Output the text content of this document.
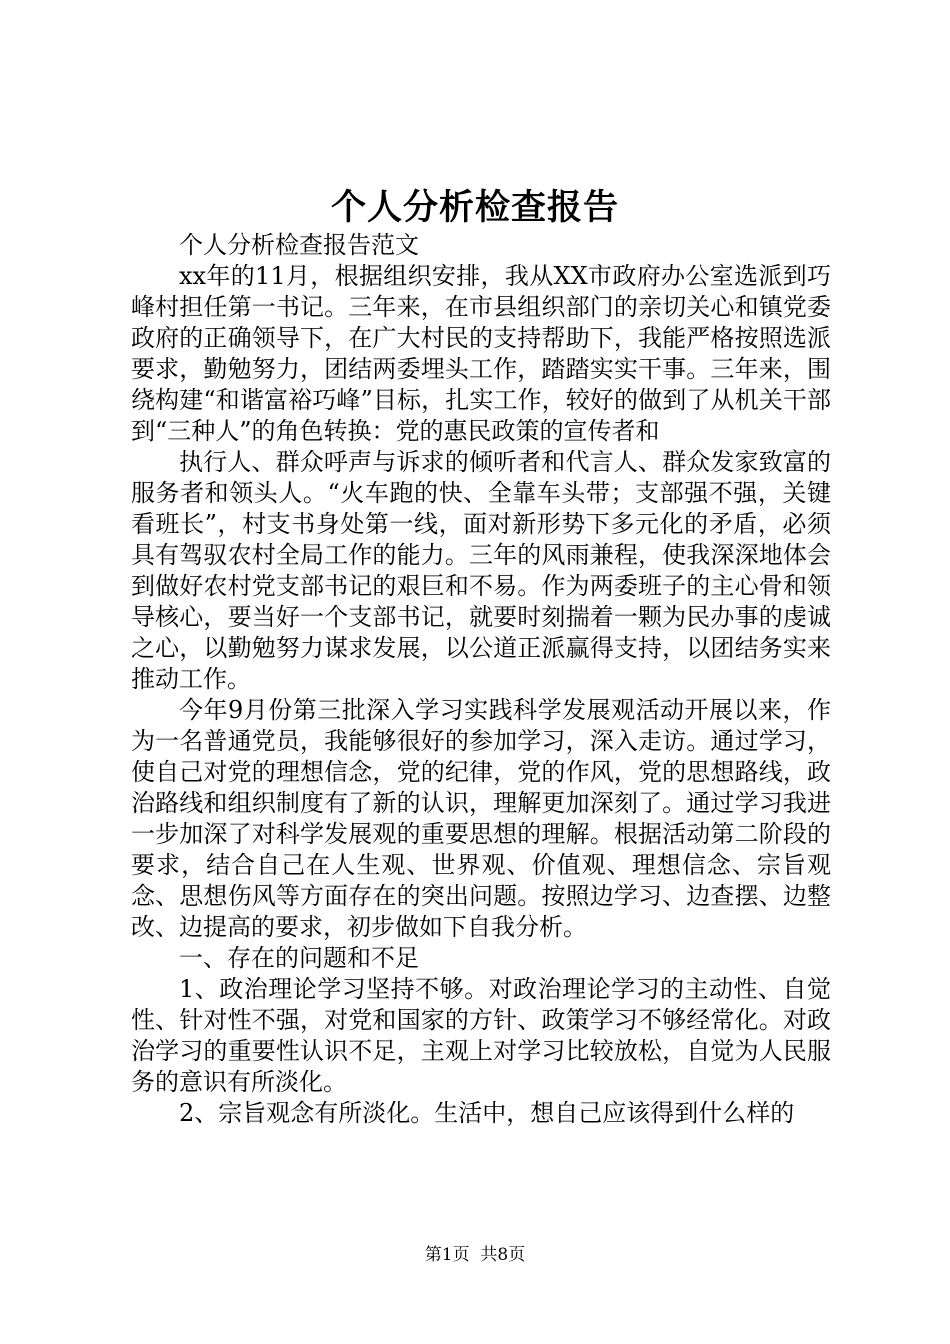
个人分析检查报告

个人分析检查报告范文

xx年的11月，根据组织安排，我从XX市政府办公室选派到巧峰村担任第一书记。三年来，在市县组织部门的亲切关心和镇党委政府的正确领导下，在广大村民的支持帮助下，我能严格按照选派要求，勤勉努力，团结两委埋头工作，踏踏实实干事。三年来，围绕构建“和谐富裕巧峰”目标，扎实工作，较好的做到了从机关干部到“三种人”的角色转换：党的惠民政策的宣传者和

执行人、群众呼声与诉求的倾听者和代言人、群众发家致富的服务者和领头人。“火车跑的快、全靠车头带；支部强不强，关键看班长”，村支书身处第一线，面对新形势下多元化的矛盾，必须具有驾驭农村全局工作的能力。三年的风雨兼程，使我深深地体会到做好农村党支部书记的艰巨和不易。作为两委班子的主心骨和领导核心，要当好一个支部书记，就要时刻揣着一颗为民办事的虔诚之心，以勤勉努力谋求发展，以公道正派赢得支持，以团结务实来推动工作。

今年9月份第三批深入学习实践科学发展观活动开展以来，作为一名普通党员，我能够很好的参加学习，深入走访。通过学习，使自己对党的理想信念，党的纪律，党的作风，党的思想路线，政治路线和组织制度有了新的认识，理解更加深刻了。通过学习我进一步加深了对科学发展观的重要思想的理解。根据活动第二阶段的要求，结合自己在人生观、世界观、价值观、理想信念、宗旨观念、思想伤风等方面存在的突出问题。按照边学习、边查摆、边整改、边提高的要求，初步做如下自我分析。

一、存在的问题和不足

1、政治理论学习坚持不够。对政治理论学习的主动性、自觉性、针对性不强，对党和国家的方针、政策学习不够经常化。对政治学习的重要性认识不足，主观上对学习比较放松，自觉为人民服务的意识有所淡化。

2、宗旨观念有所淡化。生活中，想自己应该得到什么样的

第1页 共8页
